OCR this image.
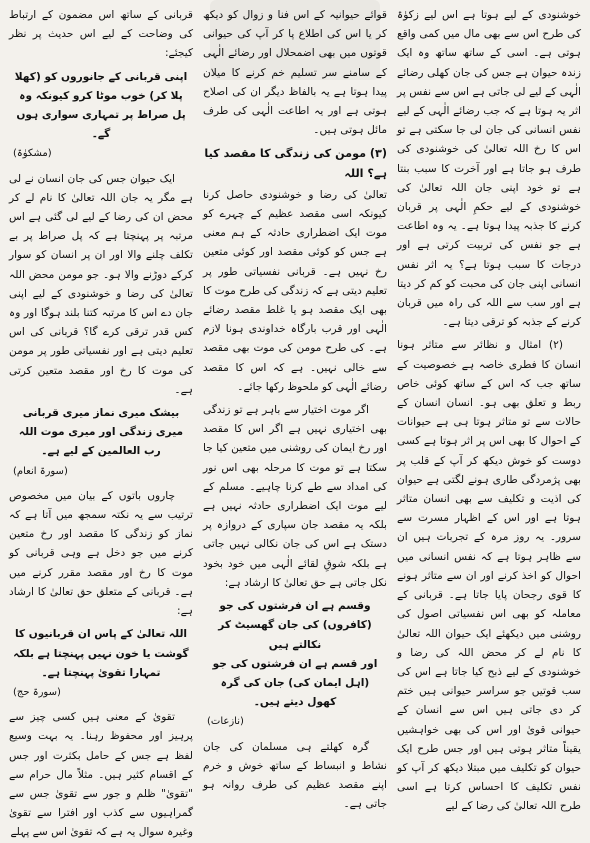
خوشنودی کے لیے ہوتا ہے اس لیے زکوٰۃ کی طرح اس سے بھی مال میں کمی واقع ہوتی ہے۔ اسی کے ساتھ ساتھ وہ ایک زندہ حیوان ہے جس کی جان کھلی رضائے الٰہی کے لیے لی جاتی ہے اس سے نفس پر اثر یہ ہوتا ہے کہ جب رضائے الٰہی کے لیے نفس انسانی کی جان لی جا سکتی ہے تو اس کا رخ اللہ تعالیٰ کی خوشنودی کی طرف ہو جاتا ہے اور آخرت کا سبب بنتا ہے تو خود اپنی جان اللہ تعالیٰ کی خوشنودی کے لیے حکمِ الٰہی پر قربان کرنے کا جذبہ پیدا ہوتا ہے۔ یہ وہ اطاعت ہے جو نفس کی تربیت کرتی ہے اور درجات کا سبب ہوتا ہے؟ یہ اثر نفس انسانی اپنی جان کی محبت کو کم کر دیتا ہے اور سب سے اللہ کی راہ میں قربان کرنے کے جذبہ کو ترقی دیتا ہے۔

(۲) امثال و نظائر سے متاثر ہونا انسان کا فطری خاصہ ہے خصوصیت کے ساتھ جب کہ اس کے ساتھ کوئی خاص ربط و تعلق بھی ہو۔ انسان انسان کے حالات سے تو متاثر ہوتا ہی ہے حیوانات کے احوال کا بھی اس پر اثر ہوتا ہے کسی دوست کو خوش دیکھ کر آپ کے قلب پر بھی پژمردگی طاری ہونے لگتی ہے حیوان کی اذیت و تکلیف سے بھی انسان متاثر ہوتا ہے اور اس کے اظہار مسرت سے سرور۔ یہ روز مرہ کے تجربات ہیں ان سے ظاہر ہوتا ہے کہ نفس انسانی میں احوال کو اخذ کرنے اور ان سے متاثر ہونے کا قوی رجحان پایا جاتا ہے۔ قربانی کے معاملہ کو بھی اس نفسیاتی اصول کی روشنی میں دیکھئے ایک حیوان اللہ تعالیٰ کا نام لے کر محض اللہ کی رضا و خوشنودی کے لیے ذبح کیا جاتا ہے اس کی سب قوتیں جو سراسر حیوانی ہیں ختم کر دی جاتی ہیں اس سے انسان کے حیوانی قویٰ اور اس کی بھی خواہشیں یقیناً متاثر ہوتی ہیں اور جس طرح ایک حیوان کو تکلیف میں مبتلا دیکھ کر آپ کو نفس تکلیف کا احساس کرتا ہے اسی طرح اللہ تعالیٰ کی رضا کے لیے

قوائے حیوانیہ کے اس فنا و زوال کو دیکھ کر یا اس کی اطلاع پا کر آپ کی حیوانی قوتوں میں بھی اضمحلال اور رضائے الٰہی کے سامنے سر تسلیم خم کرنے کا میلان پیدا ہوتا ہے یہ بالفاظ دیگر ان کی اصلاح ہوتی ہے اور یہ اطاعت الٰہی کی طرف مائل ہوتی ہیں۔

(۳) مومن کی زندگی کا مقصد کیا ہے؟ اللہ

تعالیٰ کی رضا و خوشنودی حاصل کرنا کیونکہ اسی مقصد عظیم کے چہرے کو موت ایک اضطراری حادثہ کے ہم معنی ہے جس کو کوئی مقصد اور کوئی متعین رخ نہیں ہے۔ قربانی نفسیاتی طور پر تعلیم دیتی ہے کہ زندگی کی طرح موت کا بھی ایک مقصد ہو یا غلط مقصد رضائے الٰہی اور قرب بارگاہ خداوندی ہونا لازم ہے۔ کی طرح مومن کی موت بھی مقصد سے خالی نہیں۔ ہے کہ اس کا مقصد رضائے الٰہی کو ملحوظ رکھا جائے۔

اگر موت اختیار سے باہر ہے تو زندگی بھی اختیاری نہیں ہے اگر اس کا مقصد اور رخ ایمان کی روشنی میں متعین کیا جا سکتا ہے تو موت کا مرحلہ بھی اس نور کی امداد سے طے کرنا چاہیے۔ مسلم کے لیے موت ایک اضطراری حادثہ نہیں ہے بلکہ یہ مقصد جان سپاری کے دروازہ پر دستک ہے اس کی جان نکالی نہیں جاتی ہے بلکہ شوقِ لقائے الٰہی میں خود بخود نکل جاتی ہے حق تعالیٰ کا ارشاد ہے:

وقسم ہے ان فرشتوں کی جو (کافروں) کی جان گھسیٹ کر نکالتے ہیں
اور قسم ہے ان فرشتوں کی جو (اہل ایمان کی) جان کی گرہ کھول دیتے ہیں۔
(نازعات)

گرہ کھلتے ہی مسلمان کی جان نشاط و انبساط کے ساتھ خوش و خرم اپنے مقصد عظیم کی طرف روانہ ہو جاتی ہے۔

قربانی کے ساتھ اس مضمون کے ارتباط کی وضاحت کے لیے اس حدیث پر نظر کیجئے:

اپنی قربانی کے جانوروں کو (کھلا پلا کر) خوب موٹا کرو کیونکہ وہ پل صراط پر تمہاری سواری ہوں گے۔
(مشکوٰۃ)

ایک حیوان جس کی جان انسان نے لی ہے مگر یہ جان اللہ تعالیٰ کا نام لے کر محض ان کی رضا کے لیے لی گئی ہے اس مرتبہ پر پہنچتا ہے کہ پل صراط پر بے تکلف چلنے والا اور ان پر انسان کو سوار کرکے دوڑنے والا ہو۔ جو مومن محض اللہ تعالیٰ کی رضا و خوشنودی کے لیے اپنی جان دے اس کا مرتبہ کتنا بلند ہوگا اور وہ کس قدر ترقی کرے گا؟ قربانی کی اس تعلیم دیتی ہے اور نفسیاتی طور پر مومن کی موت کا رخ اور مقصد متعین کرتی ہے۔

بیشک میری نماز میری قربانی
میری زندگی اور میری موت اللہ رب العالمین کے لیے ہے۔
(سورۃ انعام)

چاروں باتوں کے بیان میں مخصوص ترتیب سے یہ نکتہ سمجھ میں آتا ہے کہ نماز کو زندگی کا مقصد اور رخ متعین کرنے میں جو دخل ہے وہی قربانی کو موت کا رخ اور مقصد مقرر کرنے میں ہے۔ قربانی کے متعلق حق تعالیٰ کا ارشاد ہے:

اللہ تعالیٰ کے پاس ان قربانیوں کا گوشت یا خون نہیں پہنچتا ہے بلکہ تمہارا تقویٰ پہنچتا ہے۔
(سورۃ حج)

تقویٰ کے معنی ہیں کسی چیز سے پرہیز اور محفوظ رہنا۔ یہ بہت وسیع لفظ ہے جس کے حامل بکثرت اور جس کے اقسام کثیر ہیں۔ مثلاً مال حرام سے "تقویٰ" ظلم و جور سے تقویٰ جس سے گمراہیوں سے کذب اور افترا سے تقویٰ وغیرہ سوال یہ ہے کہ تقویٰ اس سے پہلے
